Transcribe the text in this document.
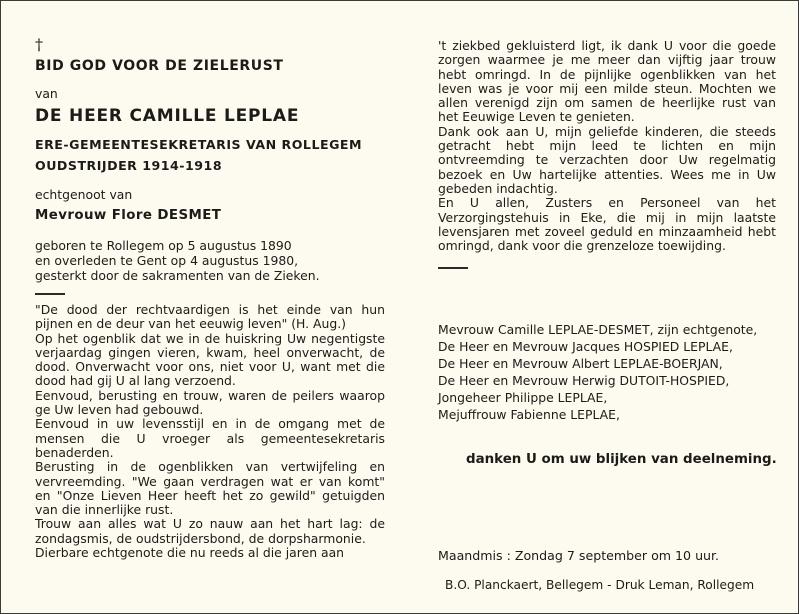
†
BID GOD VOOR DE ZIELERUST
van
DE HEER CAMILLE LEPLAE
ERE-GEMEENTESEKRETARIS VAN ROLLEGEM
OUDSTRIJDER 1914-1918
echtgenoot van
Mevrouw Flore DESMET
geboren te Rollegem op 5 augustus 1890
en overleden te Gent op 4 augustus 1980,
gesterkt door de sakramenten van de Zieken.

"De dood der rechtvaardigen is het einde van hun pijnen en de deur van het eeuwig leven" (H. Aug.)

Op het ogenblik dat we in de huiskring Uw negentigste verjaardag gingen vieren, kwam, heel onverwacht, de dood. Onverwacht voor ons, niet voor U, want met die dood had gij U al lang verzoend.

Eenvoud, berusting en trouw, waren de peilers waarop ge Uw leven had gebouwd.

Eenvoud in uw levensstijl en in de omgang met de mensen die U vroeger als gemeentesekretaris benaderden.

Berusting in de ogenblikken van vertwijfeling en vervreemding. "We gaan verdragen wat er van komt" en "Onze Lieven Heer heeft het zo gewild" getuigden van die innerlijke rust.

Trouw aan alles wat U zo nauw aan het hart lag: de zondagsmis, de oudstrijdersbond, de dorpsharmonie.

Dierbare echtgenote die nu reeds al die jaren aan

't ziekbed gekluisterd ligt, ik dank U voor die goede zorgen waarmee je me meer dan vijftig jaar trouw hebt omringd. In de pijnlijke ogenblikken van het leven was je voor mij een milde steun. Mochten we allen verenigd zijn om samen de heerlijke rust van het Eeuwige Leven te genieten.

Dank ook aan U, mijn geliefde kinderen, die steeds getracht hebt mijn leed te lichten en mijn ontvreemding te verzachten door Uw regelmatig bezoek en Uw hartelijke attenties. Wees me in Uw gebeden indachtig.

En U allen, Zusters en Personeel van het Verzorgingstehuis in Eke, die mij in mijn laatste levensjaren met zoveel geduld en minzaamheid hebt omringd, dank voor die grenzeloze toewijding.

Mevrouw Camille LEPLAE-DESMET, zijn echtgenote,
De Heer en Mevrouw Jacques HOSPIED LEPLAE,
De Heer en Mevrouw Albert LEPLAE-BOERJAN,
De Heer en Mevrouw Herwig DUTOIT-HOSPIED,
Jongeheer Philippe LEPLAE,
Mejuffrouw Fabienne LEPLAE,
danken U om uw blijken van deelneming.
Maandmis : Zondag 7 september om 10 uur.
B.O. Planckaert, Bellegem - Druk Leman, Rollegem
